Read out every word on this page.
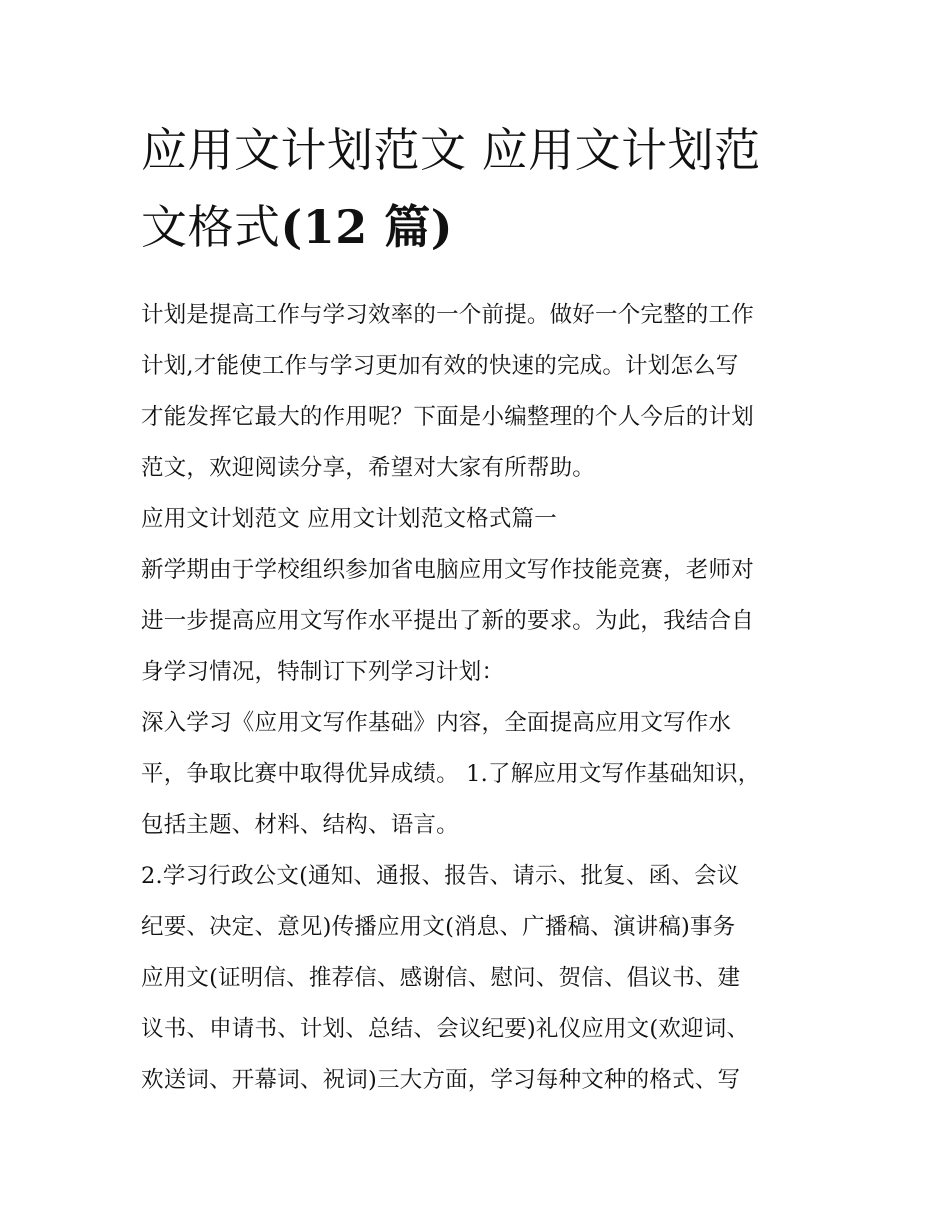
应用文计划范文 应用文计划范
文格式(12 篇)
计划是提高工作与学习效率的一个前提。做好一个完整的工作
计划,才能使工作与学习更加有效的快速的完成。计划怎么写
才能发挥它最大的作用呢？下面是小编整理的个人今后的计划
范文，欢迎阅读分享，希望对大家有所帮助。
应用文计划范文 应用文计划范文格式篇一
新学期由于学校组织参加省电脑应用文写作技能竞赛，老师对
进一步提高应用文写作水平提出了新的要求。为此，我结合自
身学习情况，特制订下列学习计划：
深入学习《应用文写作基础》内容，全面提高应用文写作水
平，争取比赛中取得优异成绩。 1.了解应用文写作基础知识，
包括主题、材料、结构、语言。
2.学习行政公文(通知、通报、报告、请示、批复、函、会议
纪要、决定、意见)传播应用文(消息、广播稿、演讲稿)事务
应用文(证明信、推荐信、感谢信、慰问、贺信、倡议书、建
议书、申请书、计划、总结、会议纪要)礼仪应用文(欢迎词、
欢送词、开幕词、祝词)三大方面，学习每种文种的格式、写
